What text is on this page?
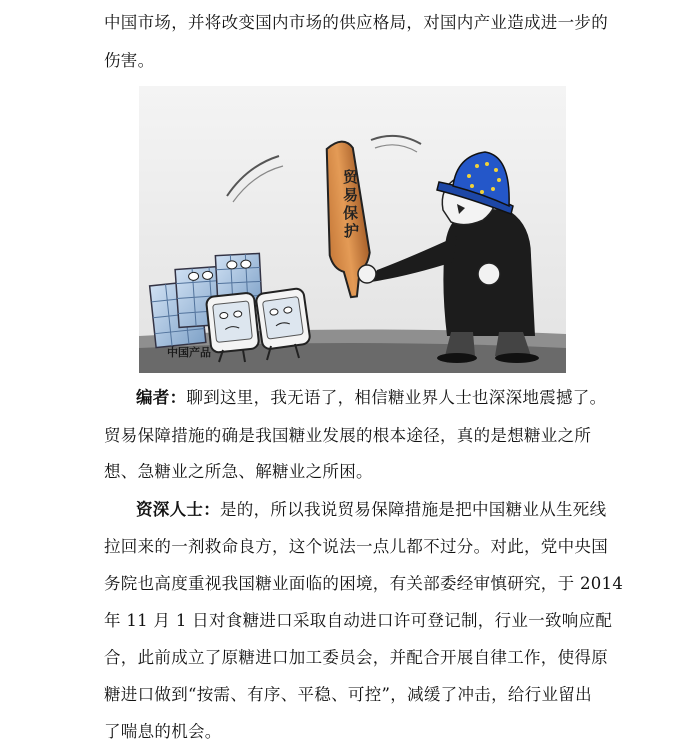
中国市场，并将改变国内市场的供应格局，对国内产业造成进一步的
伤害。
贸
易
保
护
中国产品
编者：聊到这里，我无语了，相信糖业界人士也深深地震撼了。
贸易保障措施的确是我国糖业发展的根本途径，真的是想糖业之所
想、急糖业之所急、解糖业之所困。
资深人士：是的，所以我说贸易保障措施是把中国糖业从生死线
拉回来的一剂救命良方，这个说法一点儿都不过分。对此，党中央国
务院也高度重视我国糖业面临的困境，有关部委经审慎研究，于 2014
年 11 月 1 日对食糖进口采取自动进口许可登记制，行业一致响应配
合，此前成立了原糖进口加工委员会，并配合开展自律工作，使得原
糖进口做到“按需、有序、平稳、可控”，减缓了冲击，给行业留出
了喘息的机会。
